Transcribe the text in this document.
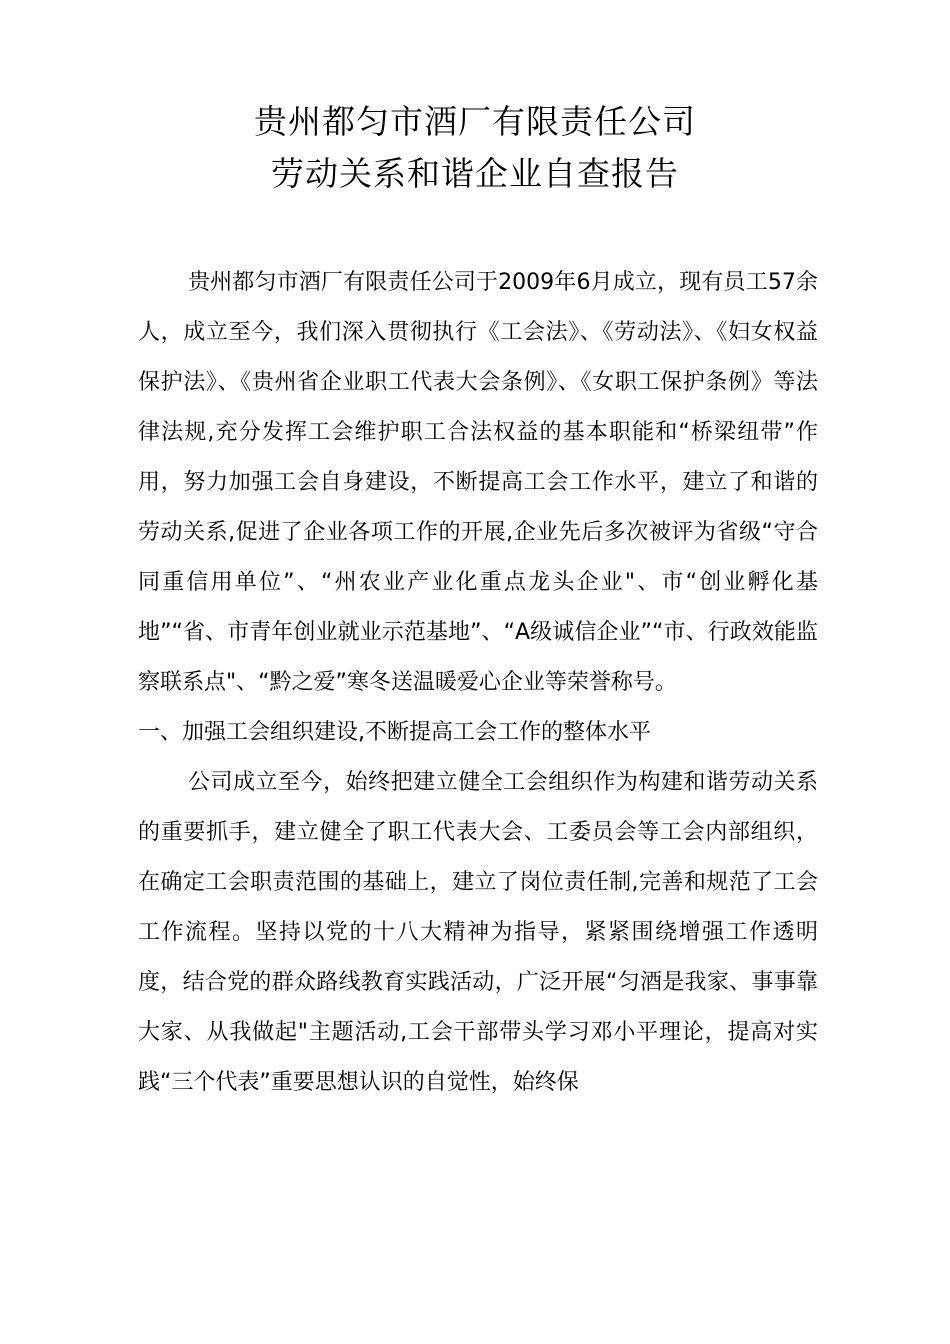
贵州都匀市酒厂有限责任公司
劳动关系和谐企业自查报告

贵州都匀市酒厂有限责任公司于2009年6月成立，现有员工57余人，成立至今，我们深入贯彻执行《工会法》、《劳动法》、《妇女权益保护法》、《贵州省企业职工代表大会条例》、《女职工保护条例》等法律法规,充分发挥工会维护职工合法权益的基本职能和“桥梁纽带”作用，努力加强工会自身建设，不断提高工会工作水平，建立了和谐的劳动关系,促进了企业各项工作的开展,企业先后多次被评为省级“守合同重信用单位”、“州农业产业化重点龙头企业"、市“创业孵化基地”“省、市青年创业就业示范基地”、“A级诚信企业”“市、行政效能监察联系点"、“黔之爱”寒冬送温暖爱心企业等荣誉称号。

一、加强工会组织建设,不断提高工会工作的整体水平

公司成立至今，始终把建立健全工会组织作为构建和谐劳动关系的重要抓手，建立健全了职工代表大会、工委员会等工会内部组织，在确定工会职责范围的基础上，建立了岗位责任制,完善和规范了工会工作流程。坚持以党的十八大精神为指导，紧紧围绕增强工作透明度，结合党的群众路线教育实践活动，广泛开展“匀酒是我家、事事靠大家、从我做起"主题活动,工会干部带头学习邓小平理论，提高对实践“三个代表”重要思想认识的自觉性，始终保
